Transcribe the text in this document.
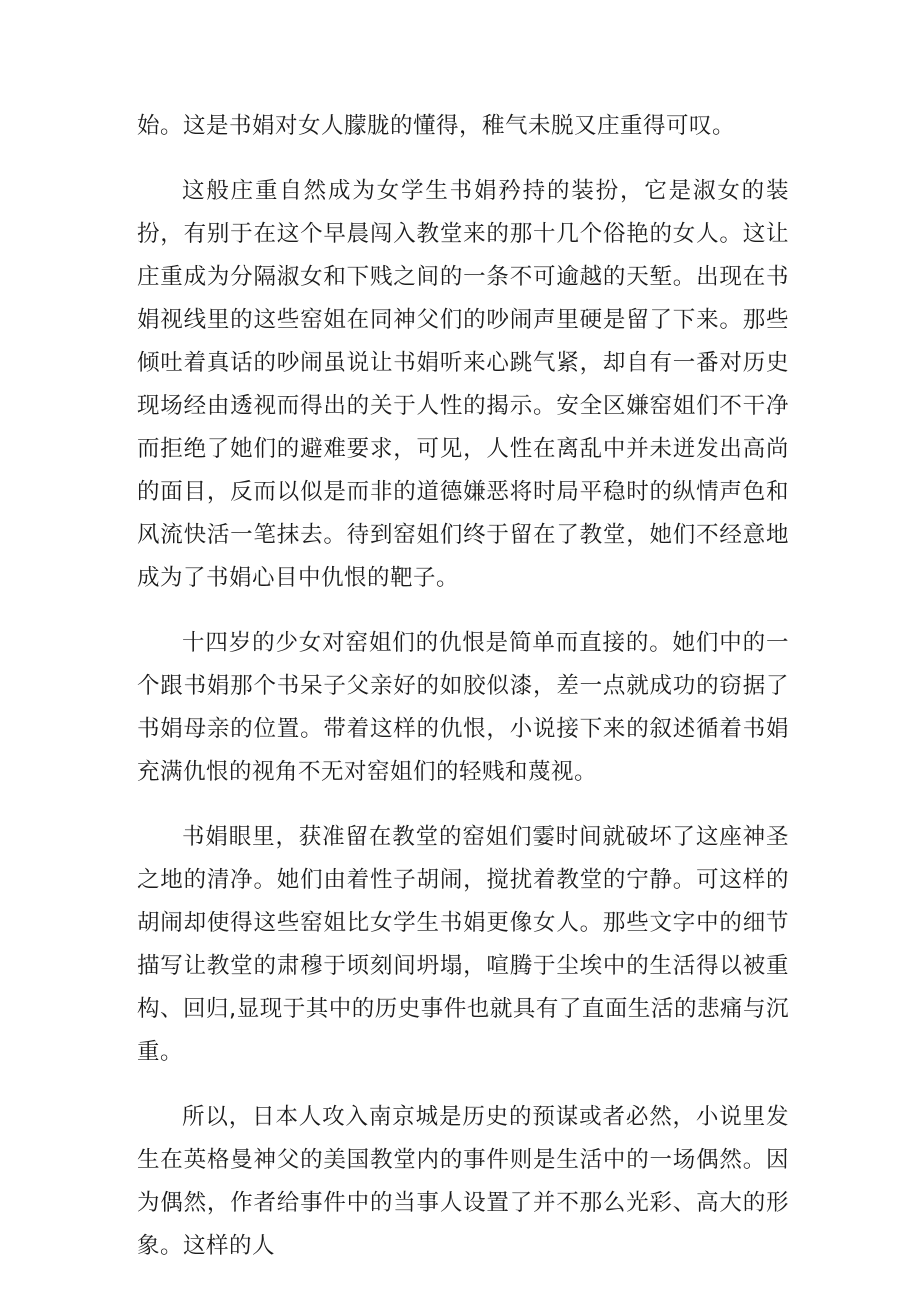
始。这是书娟对女人朦胧的懂得，稚气未脱又庄重得可叹。

这般庄重自然成为女学生书娟矜持的装扮，它是淑女的装扮，有别于在这个早晨闯入教堂来的那十几个俗艳的女人。这让庄重成为分隔淑女和下贱之间的一条不可逾越的天堑。出现在书娟视线里的这些窑姐在同神父们的吵闹声里硬是留了下来。那些倾吐着真话的吵闹虽说让书娟听来心跳气紧，却自有一番对历史现场经由透视而得出的关于人性的揭示。安全区嫌窑姐们不干净而拒绝了她们的避难要求，可见，人性在离乱中并未迸发出高尚的面目，反而以似是而非的道德嫌恶将时局平稳时的纵情声色和风流快活一笔抹去。待到窑姐们终于留在了教堂，她们不经意地成为了书娟心目中仇恨的靶子。

十四岁的少女对窑姐们的仇恨是简单而直接的。她们中的一个跟书娟那个书呆子父亲好的如胶似漆，差一点就成功的窃据了书娟母亲的位置。带着这样的仇恨，小说接下来的叙述循着书娟充满仇恨的视角不无对窑姐们的轻贱和蔑视。

书娟眼里，获准留在教堂的窑姐们霎时间就破坏了这座神圣之地的清净。她们由着性子胡闹，搅扰着教堂的宁静。可这样的胡闹却使得这些窑姐比女学生书娟更像女人。那些文字中的细节描写让教堂的肃穆于顷刻间坍塌，喧腾于尘埃中的生活得以被重构、回归,显现于其中的历史事件也就具有了直面生活的悲痛与沉重。

所以，日本人攻入南京城是历史的预谋或者必然，小说里发生在英格曼神父的美国教堂内的事件则是生活中的一场偶然。因为偶然，作者给事件中的当事人设置了并不那么光彩、高大的形象。这样的人
